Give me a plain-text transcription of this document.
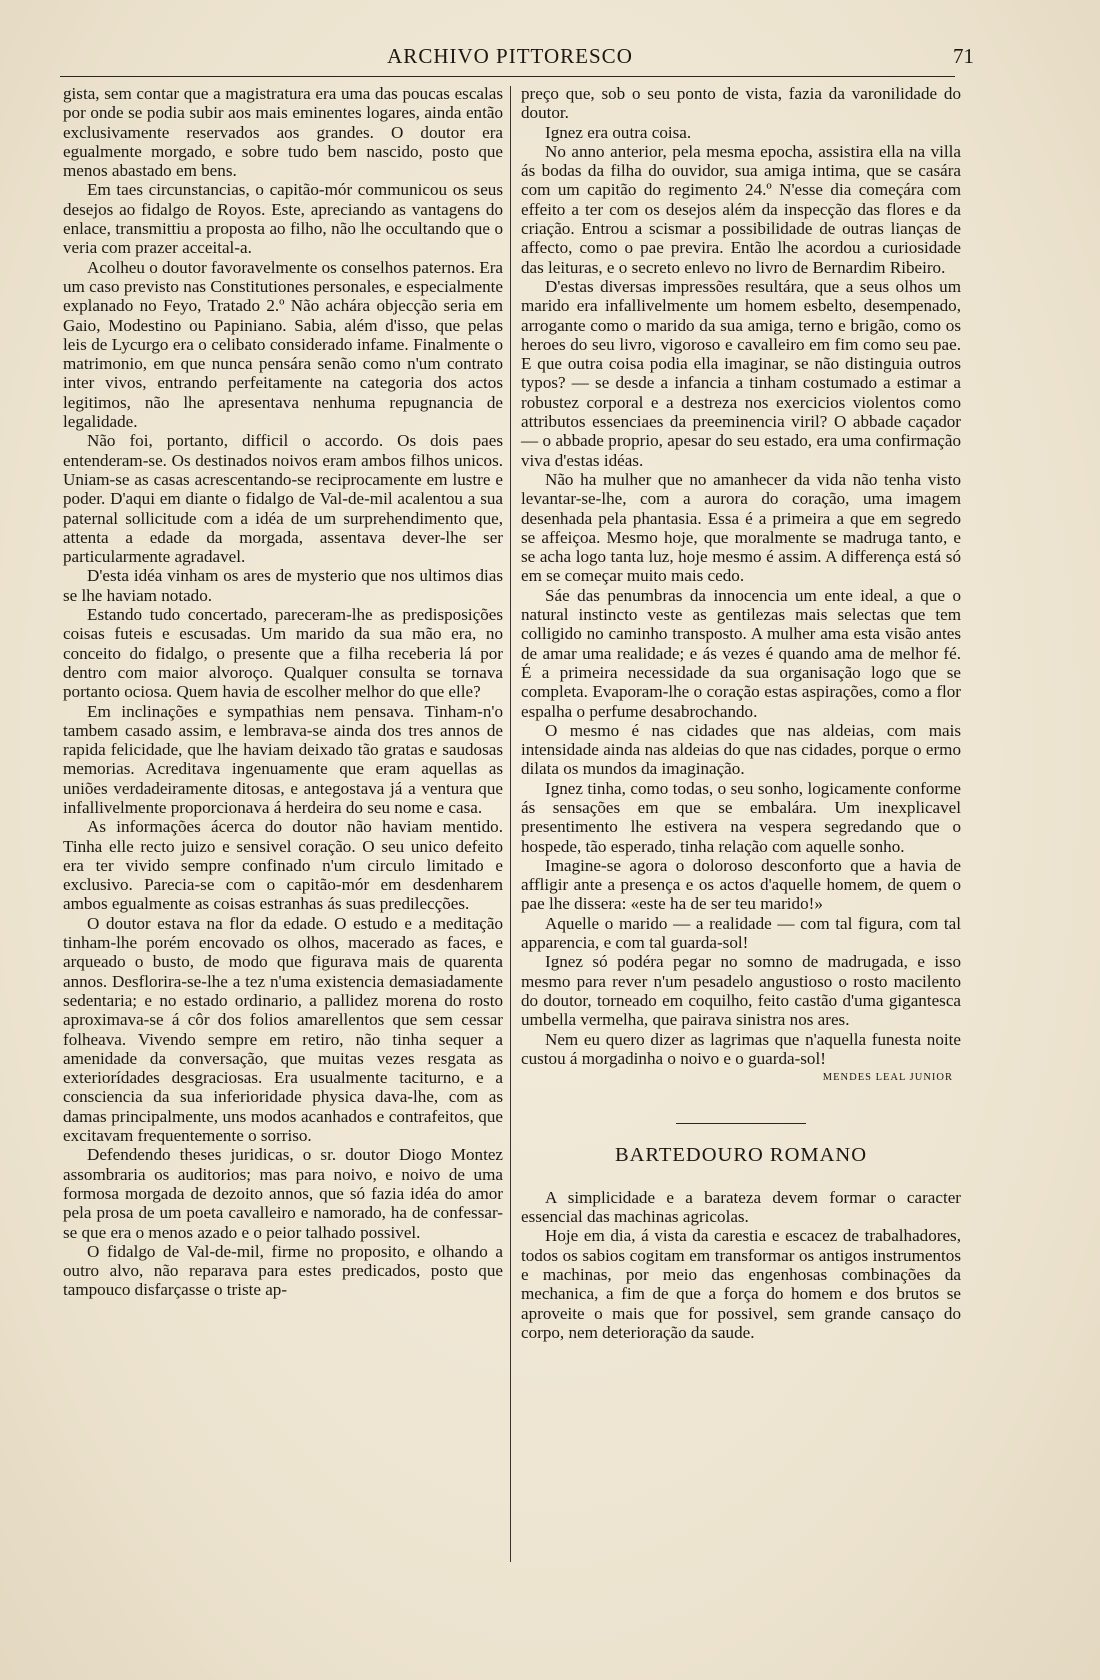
ARCHIVO PITTORESCO	71

gista, sem contar que a magistratura era uma das poucas escalas por onde se podia subir aos mais eminentes logares, ainda então exclusivamente reservados aos grandes. O doutor era egualmente morgado, e sobre tudo bem nascido, posto que menos abastado em bens.

Em taes circunstancias, o capitão-mór communicou os seus desejos ao fidalgo de Royos. Este, apreciando as vantagens do enlace, transmittiu a proposta ao filho, não lhe occultando que o veria com prazer acceital-a.

Acolheu o doutor favoravelmente os conselhos paternos. Era um caso previsto nas Constitutiones personales, e especialmente explanado no Feyo, Tratado 2.º Não achára objecção seria em Gaio, Modestino ou Papiniano. Sabia, além d'isso, que pelas leis de Lycurgo era o celibato considerado infame. Finalmente o matrimonio, em que nunca pensára senão como n'um contrato inter vivos, entrando perfeitamente na categoria dos actos legitimos, não lhe apresentava nenhuma repugnancia de legalidade.

Não foi, portanto, difficil o accordo. Os dois paes entenderam-se. Os destinados noivos eram ambos filhos unicos. Uniam-se as casas acrescentando-se reciprocamente em lustre e poder. D'aqui em diante o fidalgo de Val-de-mil acalentou a sua paternal sollicitude com a idéa de um surprehendimento que, attenta a edade da morgada, assentava dever-lhe ser particularmente agradavel.

D'esta idéa vinham os ares de mysterio que nos ultimos dias se lhe haviam notado.

Estando tudo concertado, pareceram-lhe as predisposições coisas futeis e escusadas. Um marido da sua mão era, no conceito do fidalgo, o presente que a filha receberia lá por dentro com maior alvoroço. Qualquer consulta se tornava portanto ociosa. Quem havia de escolher melhor do que elle?

Em inclinações e sympathias nem pensava. Tinham-n'o tambem casado assim, e lembrava-se ainda dos tres annos de rapida felicidade, que lhe haviam deixado tão gratas e saudosas memorias. Acreditava ingenuamente que eram aquellas as uniões verdadeiramente ditosas, e antegostava já a ventura que infallivelmente proporcionava á herdeira do seu nome e casa.

As informações ácerca do doutor não haviam mentido. Tinha elle recto juizo e sensivel coração. O seu unico defeito era ter vivido sempre confinado n'um circulo limitado e exclusivo. Parecia-se com o capitão-mór em desdenharem ambos egualmente as coisas estranhas ás suas predilecções.

O doutor estava na flor da edade. O estudo e a meditação tinham-lhe porém encovado os olhos, macerado as faces, e arqueado o busto, de modo que figurava mais de quarenta annos. Desflorira-se-lhe a tez n'uma existencia demasiadamente sedentaria; e no estado ordinario, a pallidez morena do rosto aproximava-se á côr dos folios amarellentos que sem cessar folheava. Vivendo sempre em retiro, não tinha sequer a amenidade da conversação, que muitas vezes resgata as exteriorídades desgraciosas. Era usualmente taciturno, e a consciencia da sua inferioridade physica dava-lhe, com as damas principalmente, uns modos acanhados e contrafeitos, que excitavam frequentemente o sorriso.

Defendendo theses juridicas, o sr. doutor Diogo Montez assombraria os auditorios; mas para noivo, e noivo de uma formosa morgada de dezoito annos, que só fazia idéa do amor pela prosa de um poeta cavalleiro e namorado, ha de confessar-se que era o menos azado e o peior talhado possivel.

O fidalgo de Val-de-mil, firme no proposito, e olhando a outro alvo, não reparava para estes predicados, posto que tampouco disfarçasse o triste ap-

preço que, sob o seu ponto de vista, fazia da varonilidade do doutor.

Ignez era outra coisa.

No anno anterior, pela mesma epocha, assistira ella na villa ás bodas da filha do ouvidor, sua amiga intima, que se casára com um capitão do regimento 24.º N'esse dia começára com effeito a ter com os desejos além da inspecção das flores e da criação. Entrou a scismar a possibilidade de outras lianças de affecto, como o pae previra. Então lhe acordou a curiosidade das leituras, e o secreto enlevo no livro de Bernardim Ribeiro.

D'estas diversas impressões resultára, que a seus olhos um marido era infallivelmente um homem esbelto, desempenado, arrogante como o marido da sua amiga, terno e brigão, como os heroes do seu livro, vigoroso e cavalleiro em fim como seu pae. E que outra coisa podia ella imaginar, se não distinguia outros typos? — se desde a infancia a tinham costumado a estimar a robustez corporal e a destreza nos exercicios violentos como attributos essenciaes da preeminencia viril? O abbade caçador — o abbade proprio, apesar do seu estado, era uma confirmação viva d'estas idéas.

Não ha mulher que no amanhecer da vida não tenha visto levantar-se-lhe, com a aurora do coração, uma imagem desenhada pela phantasia. Essa é a primeira a que em segredo se affeiçoa. Mesmo hoje, que moralmente se madruga tanto, e se acha logo tanta luz, hoje mesmo é assim. A differença está só em se começar muito mais cedo.

Sáe das penumbras da innocencia um ente ideal, a que o natural instincto veste as gentilezas mais selectas que tem colligido no caminho transposto. A mulher ama esta visão antes de amar uma realidade; e ás vezes é quando ama de melhor fé. É a primeira necessidade da sua organisação logo que se completa. Evaporam-lhe o coração estas aspirações, como a flor espalha o perfume desabrochando.

O mesmo é nas cidades que nas aldeias, com mais intensidade ainda nas aldeias do que nas cidades, porque o ermo dilata os mundos da imaginação.

Ignez tinha, como todas, o seu sonho, logicamente conforme ás sensações em que se embalára. Um inexplicavel presentimento lhe estivera na vespera segredando que o hospede, tão esperado, tinha relação com aquelle sonho.

Imagine-se agora o doloroso desconforto que a havia de affligir ante a presença e os actos d'aquelle homem, de quem o pae lhe dissera: «este ha de ser teu marido!»

Aquelle o marido — a realidade — com tal figura, com tal apparencia, e com tal guarda-sol!

Ignez só podéra pegar no somno de madrugada, e isso mesmo para rever n'um pesadelo angustioso o rosto macilento do doutor, torneado em coquilho, feito castão d'uma gigantesca umbella vermelha, que pairava sinistra nos ares.

Nem eu quero dizer as lagrimas que n'aquella funesta noite custou á morgadinha o noivo e o guarda-sol!

MENDES LEAL JUNIOR
BARTEDOURO ROMANO

A simplicidade e a barateza devem formar o caracter essencial das machinas agricolas.

Hoje em dia, á vista da carestia e escacez de trabalhadores, todos os sabios cogitam em transformar os antigos instrumentos e machinas, por meio das engenhosas combinações da mechanica, a fim de que a força do homem e dos brutos se aproveite o mais que for possivel, sem grande cansaço do corpo, nem deterioração da saude.
